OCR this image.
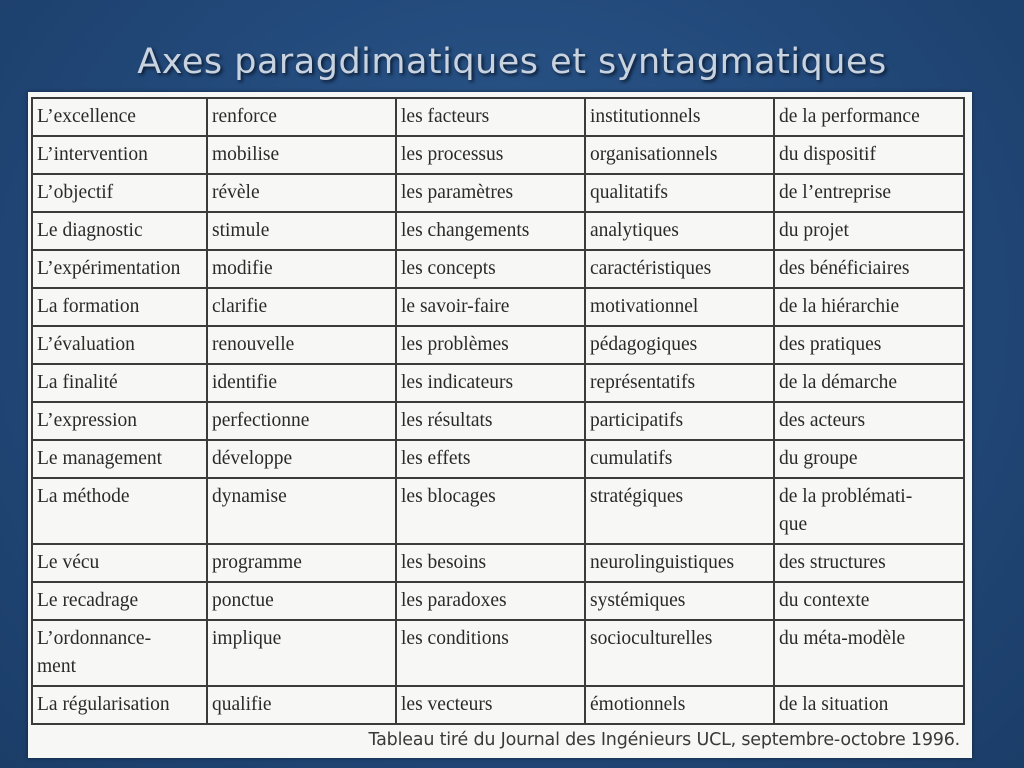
Axes paragdimatiques et syntagmatiques
L’excellence	renforce	les facteurs	institutionnels	de la performance
L’intervention	mobilise	les processus	organisationnels	du dispositif
L’objectif	révèle	les paramètres	qualitatifs	de l’entreprise
Le diagnostic	stimule	les changements	analytiques	du projet
L’expérimentation	modifie	les concepts	caractéristiques	des bénéficiaires
La formation	clarifie	le savoir-faire	motivationnel	de la hiérarchie
L’évaluation	renouvelle	les problèmes	pédagogiques	des pratiques
La finalité	identifie	les indicateurs	représentatifs	de la démarche
L’expression	perfectionne	les résultats	participatifs	des acteurs
Le management	développe	les effets	cumulatifs	du groupe
La méthode	dynamise	les blocages	stratégiques	de la problémati-
que
Le vécu	programme	les besoins	neurolinguistiques	des structures
Le recadrage	ponctue	les paradoxes	systémiques	du contexte
L’ordonnance-
ment	implique	les conditions	socioculturelles	du méta-modèle
La régularisation	qualifie	les vecteurs	émotionnels	de la situation
Tableau tiré du Journal des Ingénieurs UCL, septembre-octobre 1996.
